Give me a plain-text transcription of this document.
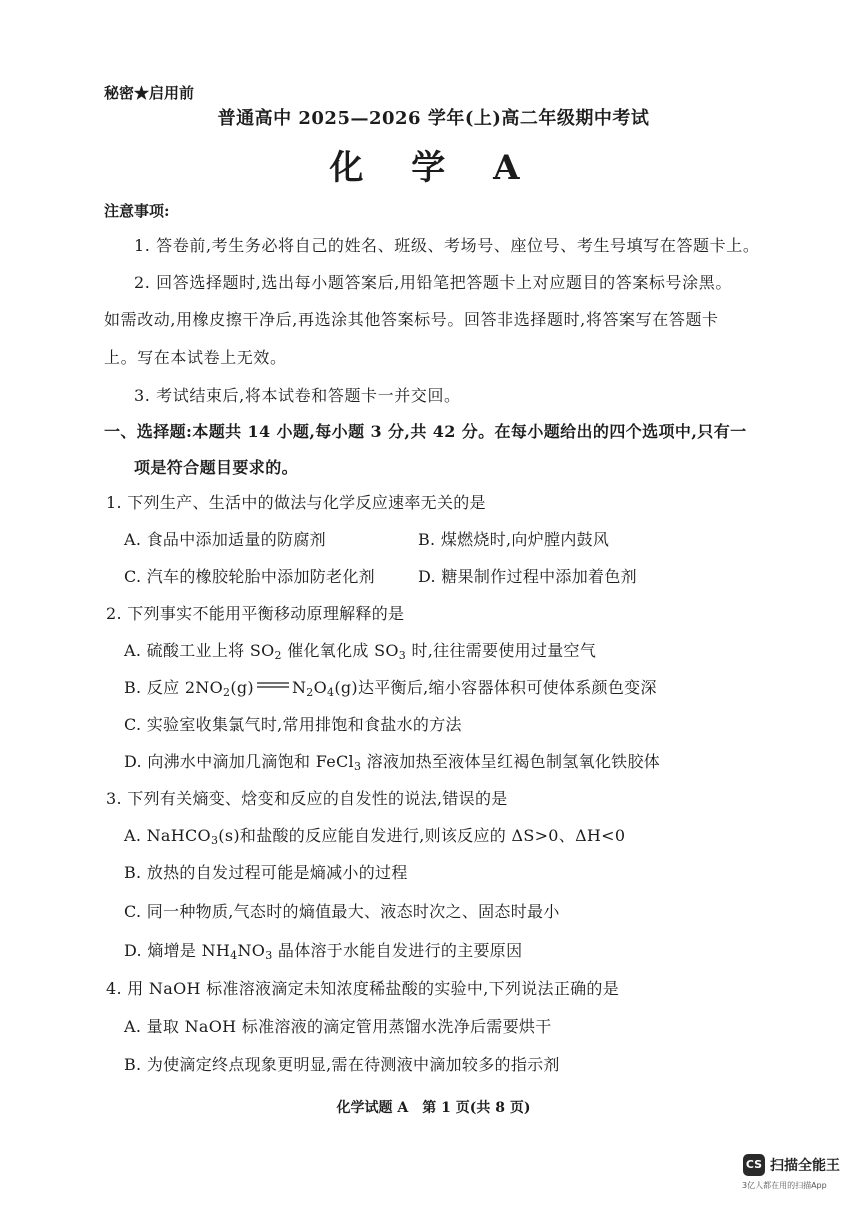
秘密★启用前
普通高中 2025—2026 学年(上)高二年级期中考试
化 学 A
注意事项:
1. 答卷前,考生务必将自己的姓名、班级、考场号、座位号、考生号填写在答题卡上。
2. 回答选择题时,选出每小题答案后,用铅笔把答题卡上对应题目的答案标号涂黑。
如需改动,用橡皮擦干净后,再选涂其他答案标号。回答非选择题时,将答案写在答题卡
上。写在本试卷上无效。
3. 考试结束后,将本试卷和答题卡一并交回。
一、选择题:本题共 14 小题,每小题 3 分,共 42 分。在每小题给出的四个选项中,只有一
项是符合题目要求的。
1. 下列生产、生活中的做法与化学反应速率无关的是
A. 食品中添加适量的防腐剂	B. 煤燃烧时,向炉膛内鼓风
C. 汽车的橡胶轮胎中添加防老化剂	D. 糖果制作过程中添加着色剂
2. 下列事实不能用平衡移动原理解释的是
A. 硫酸工业上将 $SO_2$ 催化氧化成 $SO_3$ 时,往往需要使用过量空气
B. 反应 $2NO_2(g)$ $N_2O_4(g)$达平衡后,缩小容器体积可使体系颜色变深
C. 实验室收集氯气时,常用排饱和食盐水的方法
D. 向沸水中滴加几滴饱和 FeCl$_3$ 溶液加热至液体呈红褐色制氢氧化铁胶体
3. 下列有关熵变、焓变和反应的自发性的说法,错误的是
A. NaHCO$_3$(s)和盐酸的反应能自发进行,则该反应的 ΔS>0、ΔH<0
B. 放热的自发过程可能是熵减小的过程
C. 同一种物质,气态时的熵值最大、液态时次之、固态时最小
D. 熵增是 $NH_4NO_3$ 晶体溶于水能自发进行的主要原因
4. 用 NaOH 标准溶液滴定未知浓度稀盐酸的实验中,下列说法正确的是
A. 量取 NaOH 标准溶液的滴定管用蒸馏水洗净后需要烘干
B. 为使滴定终点现象更明显,需在待测液中滴加较多的指示剂
化学试题 A　第 1 页(共 8 页)
CS 扫描全能王
3亿人都在用的扫描App
